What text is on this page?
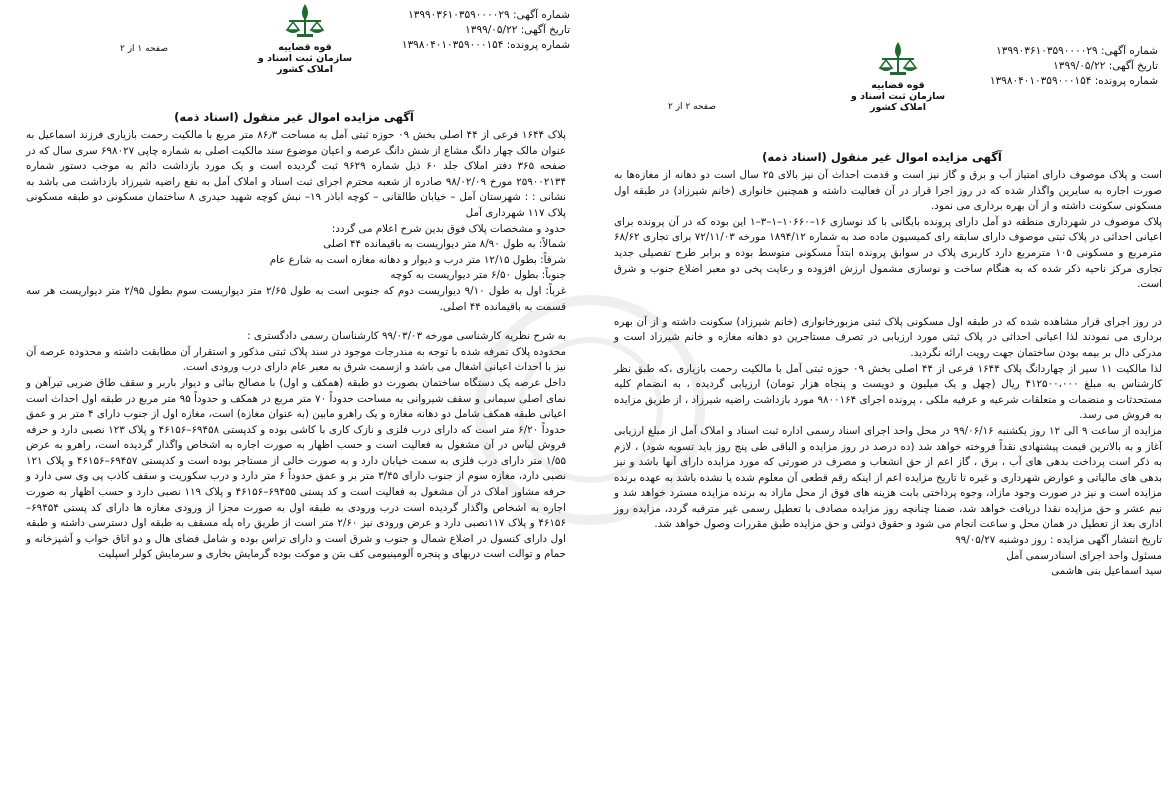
شماره آگهی: ۱۳۹۹۰۳۶۱۰۳۵۹۰۰۰۰۲۹
تاریخ آگهی: ۱۳۹۹/۰۵/۲۲
شماره پرونده: ۱۳۹۸۰۴۰۱۰۳۵۹۰۰۰۱۵۴
قوه قضاییه
سازمان ثبت اسناد و املاک کشور
صفحه ۱ از ۲
آگهی مزایده اموال غیر منقول (اسناد ذمه)

پلاک ۱۶۴۴ فرعی از ۴۴ اصلی بخش ۰۹ حوزه ثبتی آمل به مساحت ۸۶٫۳ متر مربع با مالکیت رحمت بازیاری فرزند اسماعیل به عنوان مالک چهار دانگ مشاع از شش دانگ عرصه و اعیان موضوع سند مالکیت اصلی به شماره چاپی ۶۹۸۰۲۷ سری سال که در صفحه ۳۶۵ دفتر املاک جلد ۶۰ ذیل شماره ۹۶۲۹ ثبت گردیده است و یک مورد بازداشت دائم به موجب دستور شماره ۲۵۹۰۰۲۱۳۴ مورخ ۹۸/۰۲/۰۹ صادره از شعبه محترم اجرای ثبت اسناد و املاک آمل به نفع راضیه شیرزاد بازداشت می باشد به نشانی : : شهرستان آمل – خیابان طالقانی – کوچه اباذر ۱۹– نبش کوچه شهید حیدری ۸ ساختمان مسکونی دو طبقه مسکونی پلاک ۱۱۷ شهرداری آمل

حدود و مشخصات پلاک فوق بدین شرح اعلام می گردد:

شمالاً: به طول ۸/۹۰ متر دیواریست به باقیمانده ۴۴ اصلی

شرقاً: بطول ۱۲/۱۵ متر درب و دیوار و دهانه مغازه است به شارع عام

جنوباً: بطول ۶/۵۰ متر دیواریست به کوچه

غرباً: اول به طول ۹/۱۰ دیواریست دوم که جنوبی است به طول ۲/۶۵ متر دیواریست سوم بطول ۲/۹۵ متر دیواریست هر سه قسمت به باقیمانده ۴۴ اصلی.

به شرح نظریه کارشناسی مورخه ۹۹/۰۳/۰۳ کارشناسان رسمی دادگستری :

محدوده پلاک تمرفه شده با توجه به مندرجات موجود در سند پلاک ثبتی مذکور و استقرار آن مطابقت داشته و محدوده عرصه آن نیز با احداث اعیانی اشغال می باشد و ازسمت شرق به معبر عام دارای درب ورودی است.

داخل عرصه یک دستگاه ساختمان بصورت دو طبقه (همکف و اول) با مصالح بنائی و دیوار باربر و سقف طاق ضربی تیرآهن و نمای اصلی سیمانی و سقف شیروانی به مساحت حدوداً ۷۰ متر مربع در همکف و حدوداً ۹۵ متر مربع در طبقه اول احداث است اعیانی طبقه همکف شامل دو دهانه مغازه و یک راهرو مابین (به عنوان مغازه) است، مغازه اول از جنوب دارای ۴ متر بر و عمق حدوداً ۶/۲۰ متر است که دارای درب فلزی و نازک کاری با کاشی بوده و کدپستی ۶۹۴۵۸–۴۶۱۵۶ و پلاک ۱۲۳ نصبی دارد و حرفه فروش لباس در آن مشغول به فعالیت است و حسب اظهار به صورت اجاره به اشخاص واگذار گردیده است، راهرو به عرض ۱/۵۵ متر دارای درب فلزی به سمت خیابان دارد و به صورت خالی از مستاجر بوده است و کدپستی ۶۹۴۵۷–۴۶۱۵۶ و پلاک ۱۲۱ نصبی دارد، مغازه سوم از جنوب دارای ۳/۴۵ متر بر و عمق حدوداً ۶ متر دارد و درب سکوریت و سقف کاذب پی وی سی دارد و حرفه مشاور املاک در آن مشغول به فعالیت است و کد پستی ۶۹۴۵۵–۴۶۱۵۶ و پلاک ۱۱۹ نصبی دارد و حسب اظهار به صورت اجاره به اشخاص واگذار گردیده است درب ورودی به طبقه اول به صورت مجزا از ورودی مغازه ها دارای کد پستی ۶۹۴۵۴–۴۶۱۵۶ و پلاک ۱۱۷نصبی دارد و عرض ورودی نیز ۲/۶۰ متر است از طریق راه پله مسقف به طبقه اول دسترسی داشته و طبقه اول دارای کنسول در اضلاع شمال و جنوب و شرق است و دارای تراس بوده و شامل فضای هال و دو اتاق خواب و آشپزخانه و حمام و توالت است دربهای و پنجره آلومینیومی کف بتن و موکت بوده گرمایش بخاری و سرمایش کولر اسپلیت

شماره آگهی: ۱۳۹۹۰۳۶۱۰۳۵۹۰۰۰۰۲۹
تاریخ آگهی: ۱۳۹۹/۰۵/۲۲
شماره پرونده: ۱۳۹۸۰۴۰۱۰۳۵۹۰۰۰۱۵۴
قوه قضاییه
سازمان ثبت اسناد و املاک کشور
صفحه ۲ از ۲
آگهی مزایده اموال غیر منقول (اسناد ذمه)

است و پلاک موصوف دارای امتیاز آب و برق و گاز نیز است و قدمت احداث آن نیز بالای ۲۵ سال است دو دهانه از مغازه‌ها به صورت اجاره به سایرین واگذار شده که در روز اجرا قرار در آن فعالیت داشته و همچنین خانواری (خانم شیرزاد) در طبقه اول مسکونی سکونت داشته و از آن بهره برداری می نمود.

پلاک موصوف در شهرداری منطقه دو آمل دارای پرونده بایگانی با کد نوسازی ۱۶–۱۰۶۶۰–۱–۳–۱ این بوده که در آن پرونده برای اعیانی احداثی در پلاک ثبتی موصوف دارای سابقه رای کمیسیون ماده صد به شماره ۱۸۹۴/۱۲ مورخه ۷۲/۱۱/۰۳ برای تجاری ۶۸/۶۲ مترمربع و مسکونی ۱۰۵ مترمربع دارد کاربری پلاک در سوابق پرونده ابتداً مسکونی متوسط بوده و برابر طرح تفصیلی جدید تجاری مرکز ناحیه ذکر شده که به هنگام ساخت و نوسازی مشمول ارزش افزوده و رعایت پخی دو معبر اضلاع جنوب و شرق است.

در روز اجرای قرار مشاهده شده که در طبقه اول مسکونی پلاک ثبتی مزبورخانواری (خانم شیرزاد) سکونت داشته و از آن بهره برداری می نمودند لذا اعیانی احداثی در پلاک ثبتی مورد ارزیابی در تصرف مستاجرین دو دهانه مغازه و خانم شیرزاد است و مدرکی دال بر بیمه بودن ساختمان جهت رویت ارائه نگردید.

لذا مالکیت ۱۱ سیر از چهاردانگ پلاک ۱۶۴۴ فرعی از ۴۴ اصلی بخش ۰۹ حوزه ثبتی آمل با مالکیت رحمت بازیاری ،که طبق نظر کارشناس به مبلغ ۴۱۲۵۰۰،۰۰۰ ریال (چهل و یک میلیون و دویست و پنجاه هزار تومان) ارزیابی گردیده ، به انضمام کلیه مستحدثات و منضمات و متعلقات شرعیه و عرفیه ملکی ، پرونده اجرای ۹۸۰۰۱۶۴ مورد بازداشت راضیه شیرزاد ، از طریق مزایده به فروش می رسد.

مزایده از ساعت ۹ الی ۱۲ روز یکشنبه ۹۹/۰۶/۱۶ در محل واحد اجرای اسناد رسمی اداره ثبت اسناد و املاک آمل از مبلغ ارزیابی آغاز و به بالاترین قیمت پیشنهادی نقداً فروخته خواهد شد (ده درصد در روز مزایده و الباقی طی پنج روز باید تسویه شود) ، لازم به ذکر است پرداخت بدهی های آب ، برق ، گاز اعم از حق انشعاب و مصرف در صورتی که مورد مزایده دارای آنها باشد و نیز بدهی های مالیاتی و عوارض شهرداری و غیره تا تاریخ مزایده اعم از اینکه رقم قطعی آن معلوم شده یا نشده باشد به عهده برنده مزایده است و نیز در صورت وجود مازاد، وجوه پرداختی بابت هزینه های فوق از محل مازاد به برنده مزایده مسترد خواهد شد و نیم عشر و حق مزایده نقدا دریافت خواهد شد، ضمنا چنانچه روز مزایده مصادف با تعطیل رسمی غیر مترقبه گردد، مزایده روز اداری بعد از تعطیل در همان محل و ساعت انجام می شود و حقوق دولتی و حق مزایده طبق مقررات وصول خواهد شد.

تاریخ انتشار آگهی مزایده : روز دوشنبه ۹۹/۰۵/۲۷

مسئول واحد اجرای اسنادرسمی آمل

سید اسماعیل بنی هاشمی
